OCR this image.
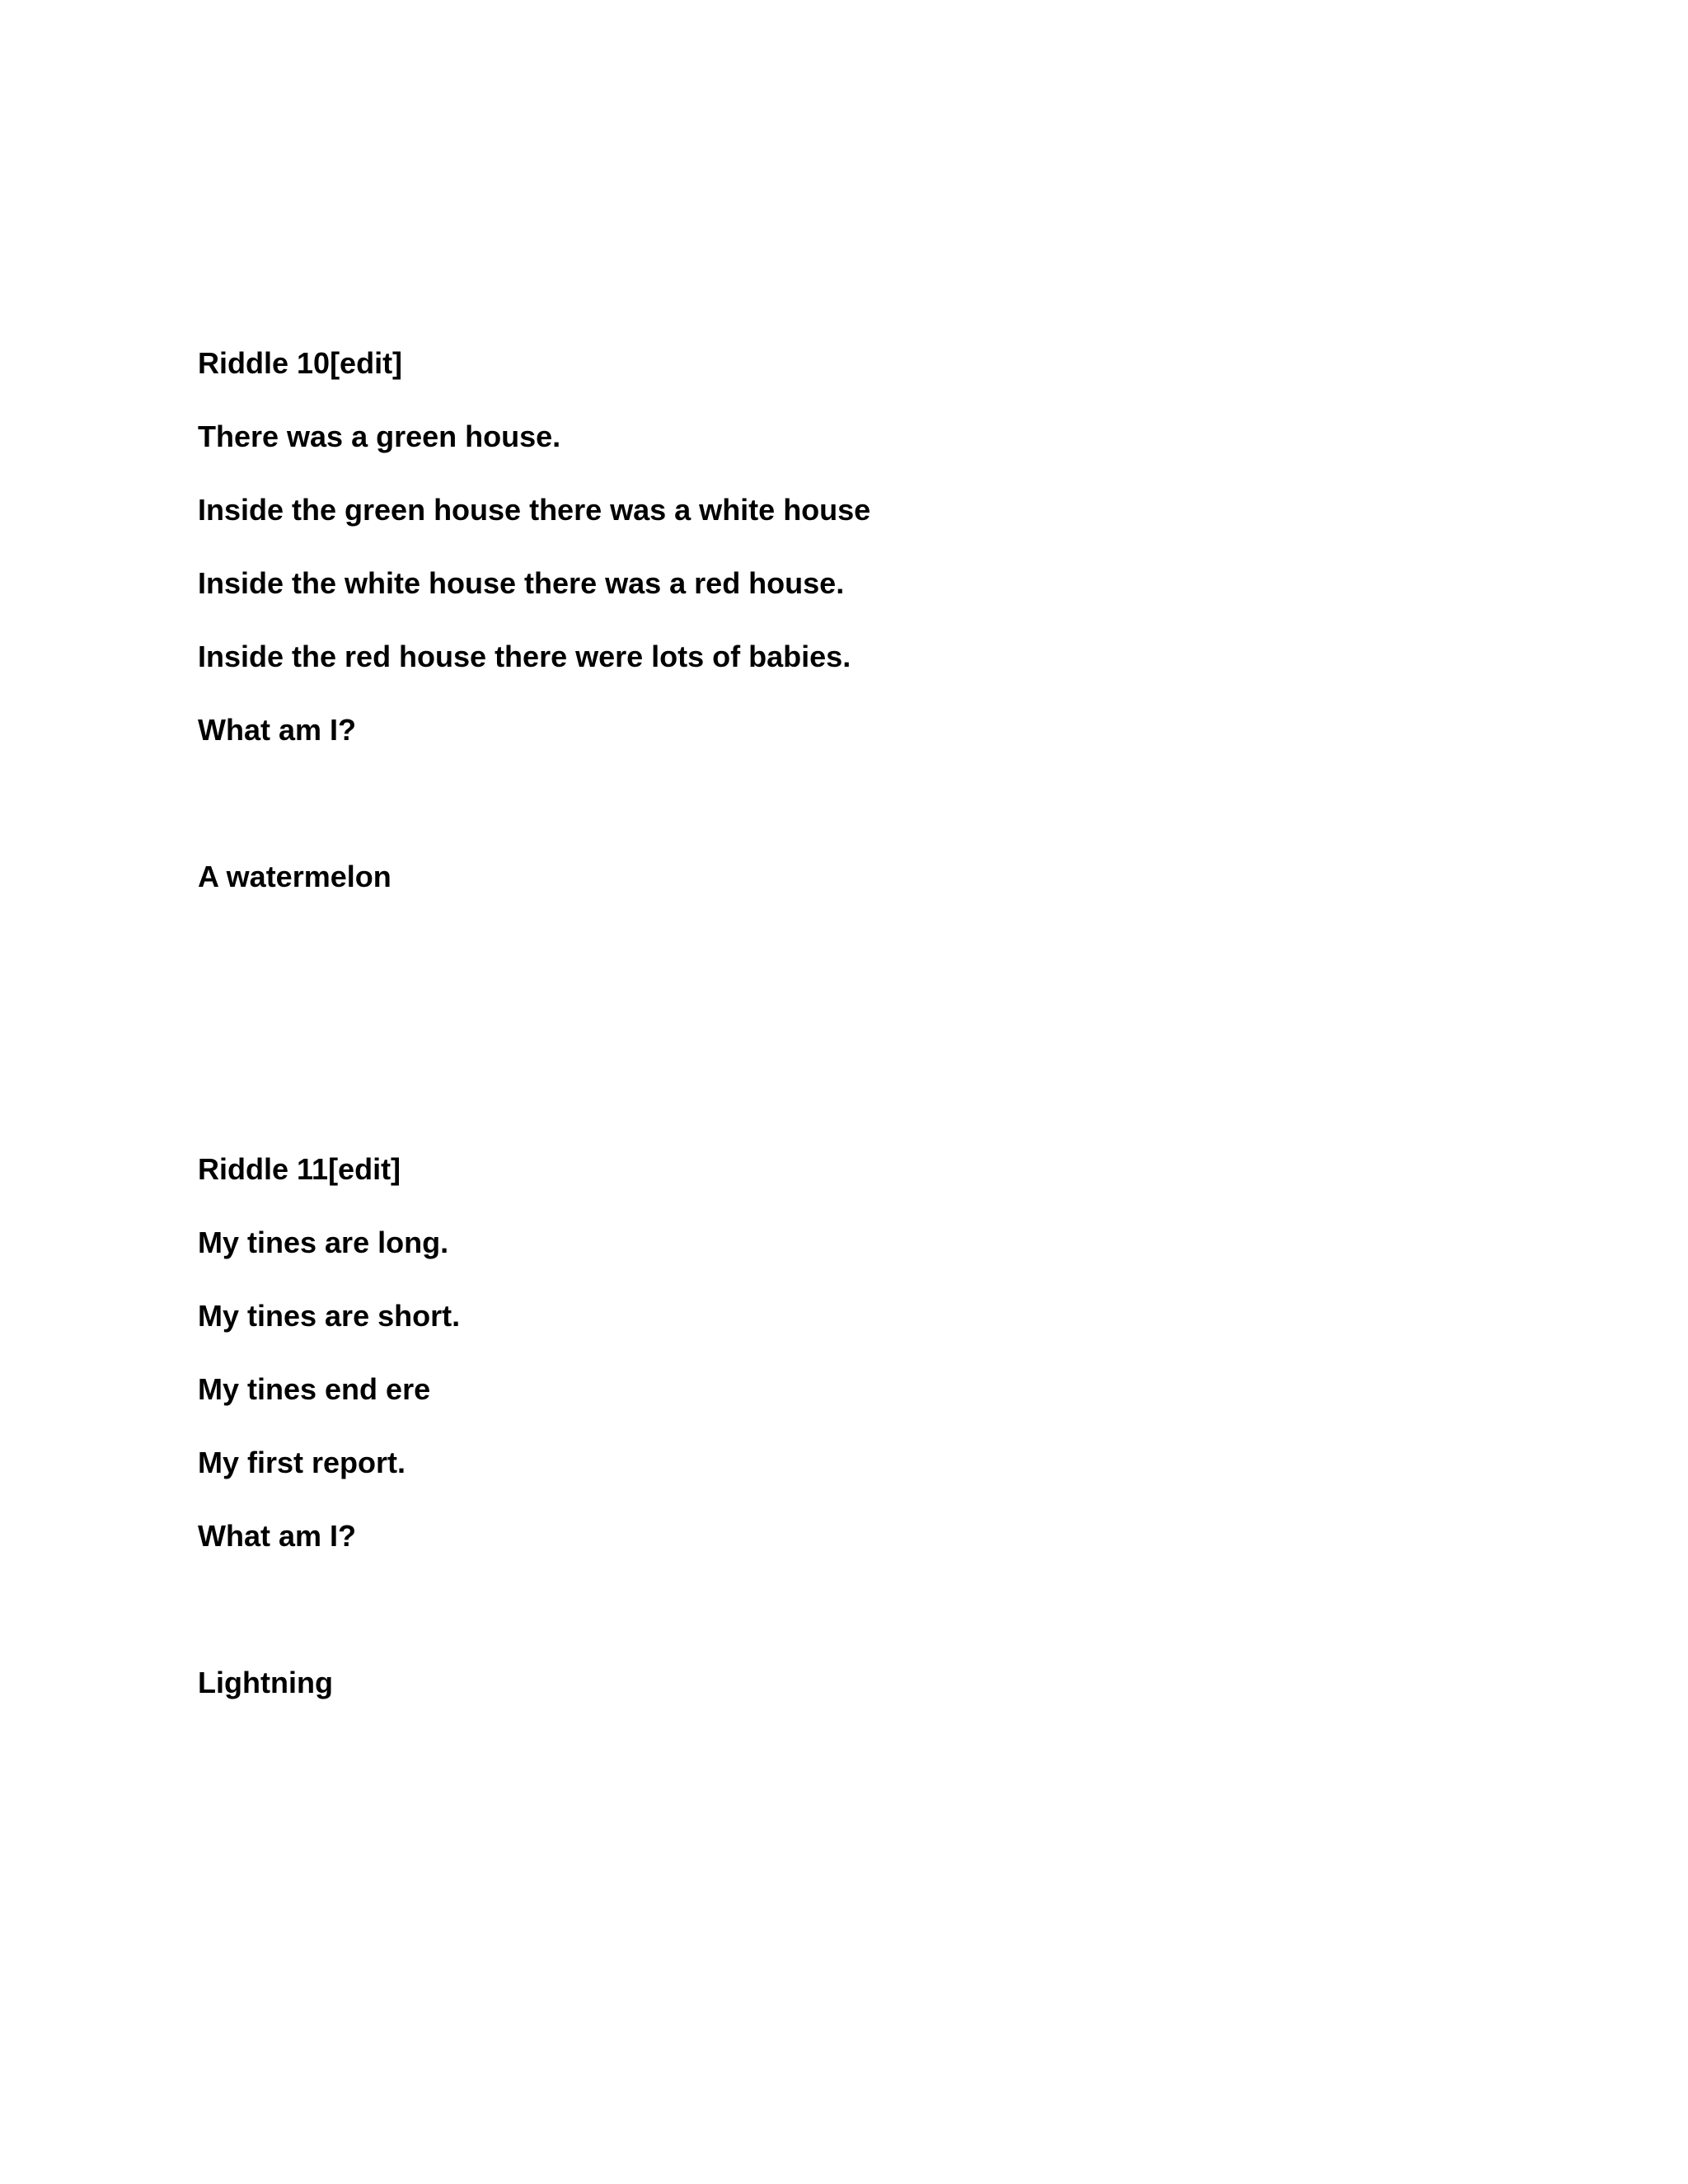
Riddle 10[edit]

There was a green house.

Inside the green house there was a white house

Inside the white house there was a red house.

Inside the red house there were lots of babies.

What am I?

A watermelon

Riddle 11[edit]

My tines are long.

My tines are short.

My tines end ere

My first report.

What am I?

Lightning
